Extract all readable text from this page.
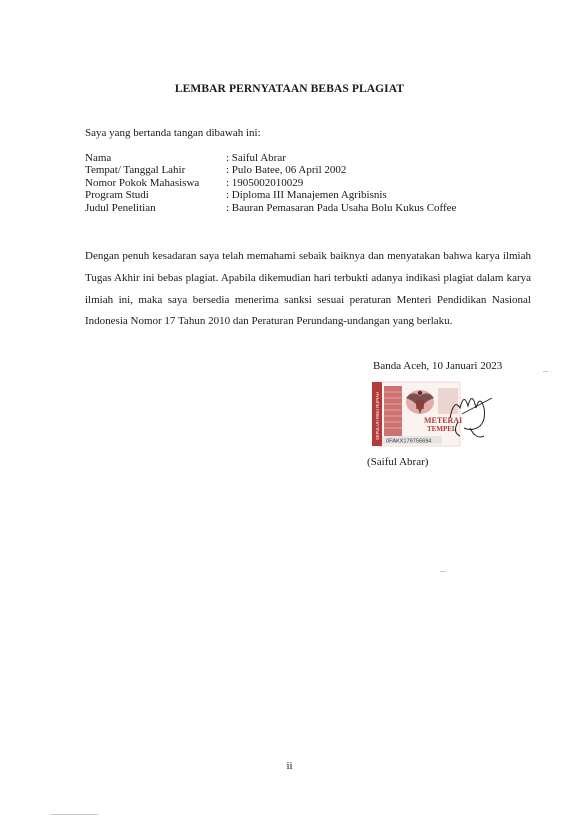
LEMBAR PERNYATAAN BEBAS PLAGIAT
Saya yang bertanda tangan dibawah ini:
Nama	: Saiful Abrar
Tempat/ Tanggal Lahir	: Pulo Batee, 06 April 2002
Nomor Pokok Mahasiswa	: 1905002010029
Program Studi	: Diploma III Manajemen Agribisnis
Judul Penelitian	: Bauran Pemasaran Pada Usaha Bolu Kukus Coffee
Dengan penuh kesadaran saya telah memahami sebaik baiknya dan menyatakan bahwa karya ilmiah Tugas Akhir ini bebas plagiat. Apabila dikemudian hari terbukti adanya indikasi plagiat dalam karya ilmiah ini, maka saya bersedia menerima sanksi sesuai peraturan Menteri Pendidikan Nasional Indonesia Nomor 17 Tahun 2010 dan Peraturan Perundang-undangan yang berlaku.
Banda Aceh, 10 Januari 2023
SEPULUH RIBU RUPIAH	METERAI
TEMPEL
0FAKX179756694
(Saiful Abrar)
ii
